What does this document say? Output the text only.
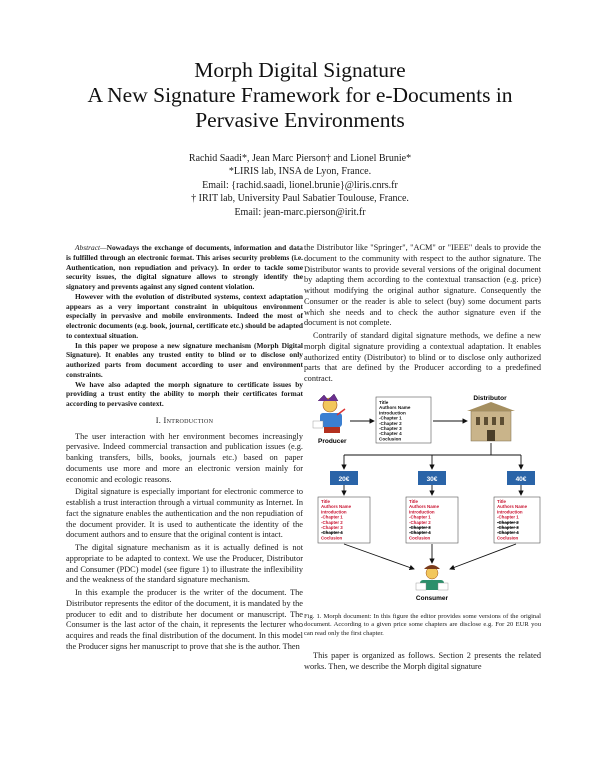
Morph Digital Signature
A New Signature Framework for e-Documents in
Pervasive Environments
Rachid Saadi*, Jean Marc Pierson† and Lionel Brunie*
*LIRIS lab, INSA de Lyon, France.
Email: {rachid.saadi, lionel.brunie}@liris.cnrs.fr
† IRIT lab, University Paul Sabatier Toulouse, France.
Email: jean-marc.pierson@irit.fr

Abstract—Nowadays the exchange of documents, information and data is fulfilled through an electronic format. This arises security problems (i.e. Authentication, non repudiation and privacy). In order to tackle some security issues, the digital signature allows to strongly identify the signatory and prevents against any signed content violation.

However with the evolution of distributed systems, context adaptation appears as a very important constraint in ubiquitous environment especially in pervasive and mobile environments. Indeed the most of electronic documents (e.g. book, journal, certificate etc.) should be adapted to contextual situation.

In this paper we propose a new signature mechanism (Morph Digital Signature). It enables any trusted entity to blind or to disclose only authorized parts from document according to user and environment constraints.

We have also adapted the morph signature to certificate issues by providing a trust entity the ability to morph their certificates format according to pervasive context.

I. Introduction

The user interaction with her environment becomes increasingly pervasive. Indeed commercial transaction and publication issues (e.g. banking transfers, bills, books, journals etc.) based on paper documents use more and more an electronic version mainly for economic and ecologic reasons.

Digital signature is especially important for electronic commerce to establish a trust interaction through a virtual community as Internet. In fact the signature enables the authentication and the non repudiation of the document provider. It is used to authenticate the identity of the document authors and to ensure that the original content is intact.

The digital signature mechanism as it is actually defined is not appropriate to be adapted to context. We use the Producer, Distributor and Consumer (PDC) model (see figure 1) to illustrate the inflexibility and the weakness of the standard signature mechanism.

In this example the producer is the writer of the document. The Distributor represents the editor of the document, it is mandated by the producer to edit and to distribute her document or manuscript. The Consumer is the last actor of the chain, it represents the lecturer who acquires and reads the final distribution of the document. In this model the Producer signs her manuscript to prove that she is the author. Then

the Distributor like "Springer", "ACM" or "IEEE" deals to provide the document to the community with respect to the author signature. The Distributor wants to provide several versions of the original document by adapting them according to the contextual transaction (e.g. price) without modifying the original author signature. Consequently the Consumer or the reader is able to select (buy) some document parts which she needs and to check the author signature even if the document is not complete.

Contrarily of standard digital signature methods, we define a new morph digital signature providing a contextual adaptation. It enables authorized entity (Distributor) to blind or to disclose only authorized parts that are defined by the Producer according to a predefined contract.

Producer
Title Authors Name Introduction -Chapter 1 -Chapter 2 -Chapter 3 -Chapter 4 Coclusion
Distributor
20€	30€	40€
Title Authors Name Introduction -Chapter 1 -Chapter 2 -Chapter 3 -Chapter 4 Coclusion
Title Authors Name Introduction -Chapter 1 -Chapter 2 -Chapter 3 -Chapter 4 Coclusion
Title Authors Name Introduction -Chapter 1 -Chapter 2 -Chapter 3 -Chapter 4 Coclusion
Consumer
Fig. 1. Morph document: In this figure the editor provides some versions of the original document. According to a given price some chapters are disclose e.g. For 20 EUR you can read only the first chapter.

This paper is organized as follows. Section 2 presents the related works. Then, we describe the Morph digital signature
